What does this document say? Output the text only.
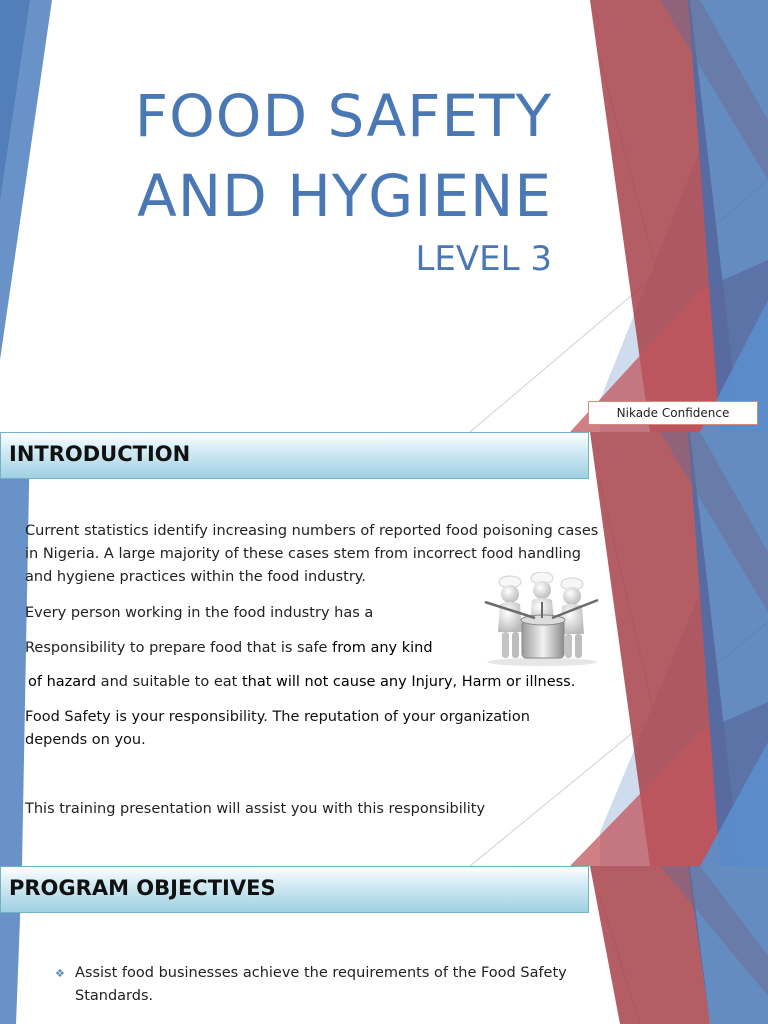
FOOD SAFETY
AND HYGIENE
LEVEL 3
Nikade Confidence
INTRODUCTION

Current statistics identify increasing numbers of reported food poisoning cases in Nigeria. A large majority of these cases stem from incorrect food handling and hygiene practices within the food industry.

Every person working in the food industry has a

Responsibility to prepare food that is safe from any kind

of hazard and suitable to eat that will not cause any Injury, Harm or illness.

Food Safety is your responsibility. The reputation of your organization depends on you.

This training presentation will assist you with this responsibility

PROGRAM OBJECTIVES
❖ Assist food businesses achieve the requirements of the Food Safety Standards.
